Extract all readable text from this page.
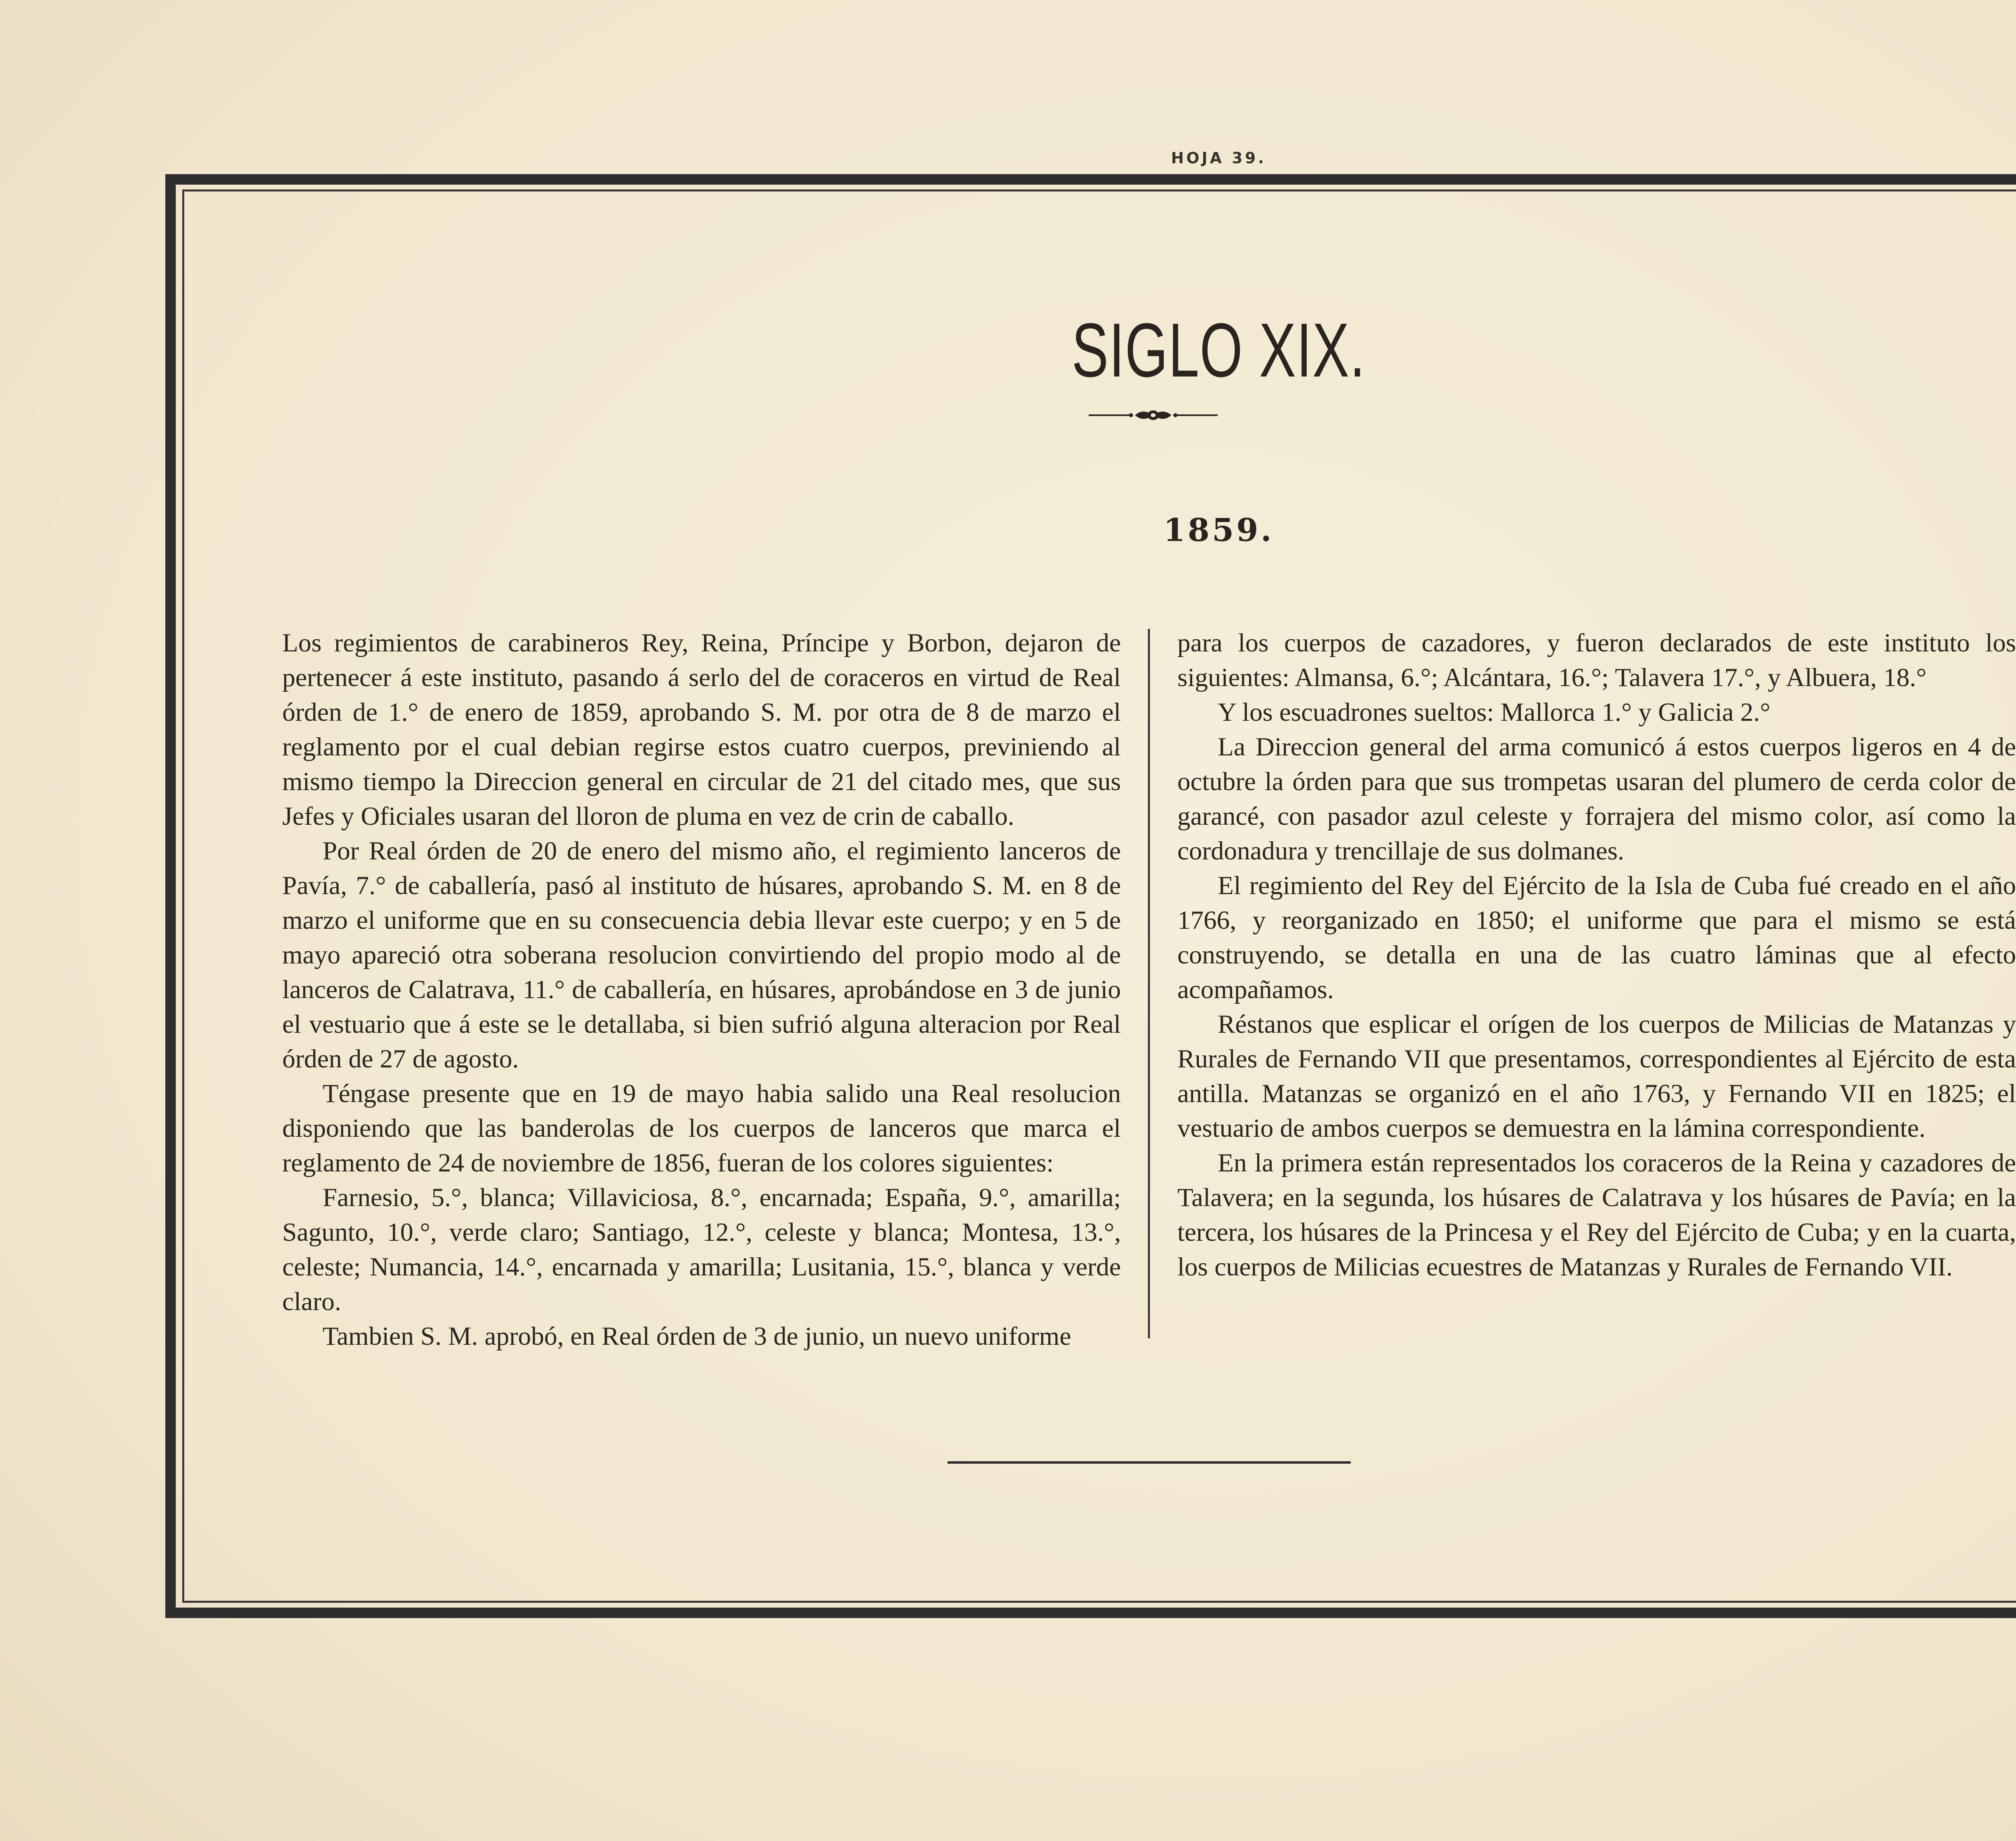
HOJA 39.
SIGLO XIX.
1859.

Los regimientos de carabineros Rey, Reina, Príncipe y Borbon, dejaron de pertenecer á este instituto, pasando á serlo del de coraceros en virtud de Real órden de 1.° de enero de 1859, aprobando S. M. por otra de 8 de marzo el reglamento por el cual debian regirse estos cuatro cuerpos, previniendo al mismo tiempo la Direccion general en circular de 21 del citado mes, que sus Jefes y Oficiales usaran del lloron de pluma en vez de crin de caballo.

Por Real órden de 20 de enero del mismo año, el regimiento lanceros de Pavía, 7.° de caballería, pasó al instituto de húsares, aprobando S. M. en 8 de marzo el uniforme que en su consecuencia debia llevar este cuerpo; y en 5 de mayo apareció otra soberana resolucion convirtiendo del propio modo al de lanceros de Calatrava, 11.° de caballería, en húsares, aprobándose en 3 de junio el vestuario que á este se le detallaba, si bien sufrió alguna alteracion por Real órden de 27 de agosto.

Téngase presente que en 19 de mayo habia salido una Real resolucion disponiendo que las banderolas de los cuerpos de lanceros que marca el reglamento de 24 de noviembre de 1856, fueran de los colores siguientes:

Farnesio, 5.°, blanca; Villaviciosa, 8.°, encarnada; España, 9.°, amarilla; Sagunto, 10.°, verde claro; Santiago, 12.°, celeste y blanca; Montesa, 13.°, celeste; Numancia, 14.°, encarnada y amarilla; Lusitania, 15.°, blanca y verde claro.

Tambien S. M. aprobó, en Real órden de 3 de junio, un nuevo uniforme

para los cuerpos de cazadores, y fueron declarados de este instituto los siguientes: Almansa, 6.°; Alcántara, 16.°; Talavera 17.°, y Albuera, 18.°

Y los escuadrones sueltos: Mallorca 1.° y Galicia 2.°

La Direccion general del arma comunicó á estos cuerpos ligeros en 4 de octubre la órden para que sus trompetas usaran del plumero de cerda color de garancé, con pasador azul celeste y forrajera del mismo color, así como la cordonadura y trencillaje de sus dolmanes.

El regimiento del Rey del Ejército de la Isla de Cuba fué creado en el año 1766, y reorganizado en 1850; el uniforme que para el mismo se está construyendo, se detalla en una de las cuatro láminas que al efecto acompañamos.

Réstanos que esplicar el orígen de los cuerpos de Milicias de Matanzas y Rurales de Fernando VII que presentamos, correspondientes al Ejército de esta antilla. Matanzas se organizó en el año 1763, y Fernando VII en 1825; el vestuario de ambos cuerpos se demuestra en la lámina correspondiente.

En la primera están representados los coraceros de la Reina y cazadores de Talavera; en la segunda, los húsares de Calatrava y los húsares de Pavía; en la tercera, los húsares de la Princesa y el Rey del Ejército de Cuba; y en la cuarta, los cuerpos de Milicias ecuestres de Matanzas y Rurales de Fernando VII.
